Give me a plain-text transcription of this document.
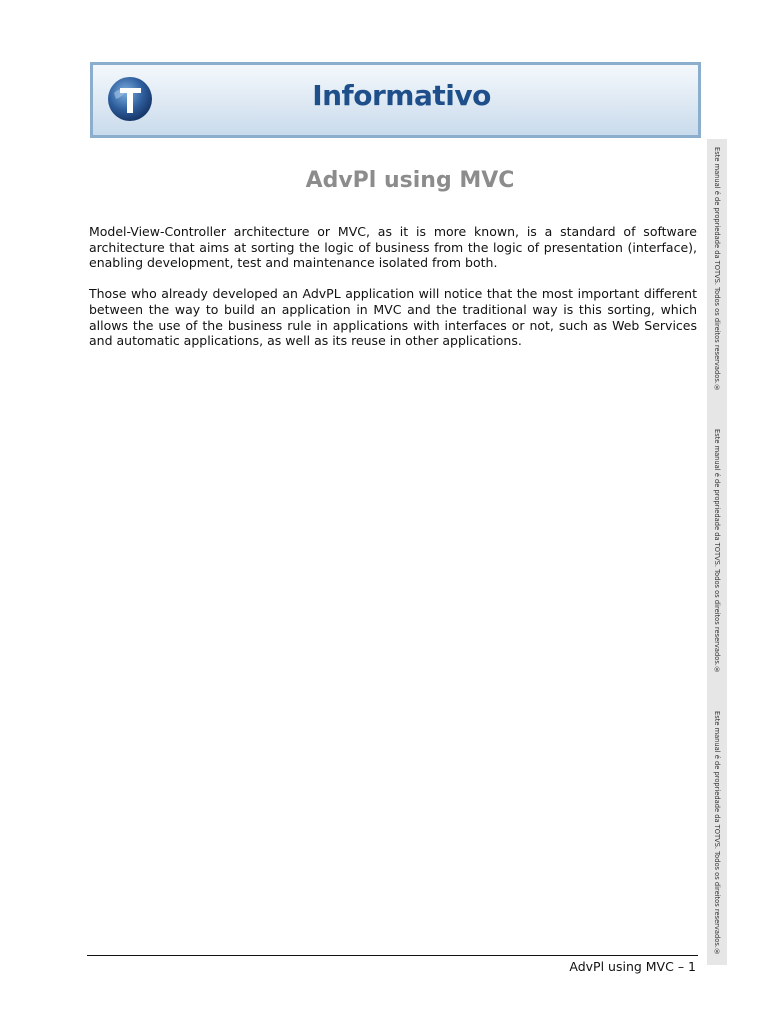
Informativo
AdvPl using MVC

Model-View-Controller architecture or MVC, as it is more known, is a standard of software architecture that aims at sorting the logic of business from the logic of presentation (interface), enabling development, test and maintenance isolated from both.

Those who already developed an AdvPL application will notice that the most important different between the way to build an application in MVC and the traditional way is this sorting, which allows the use of the business rule in applications with interfaces or not, such as Web Services and automatic applications, as well as its reuse in other applications.	Este manual é de propriedade da TOTVS. Todos os direitos reservados.®
Este manual é de propriedade da TOTVS. Todos os direitos reservados.®
Este manual é de propriedade da TOTVS. Todos os direitos reservados.®
AdvPl using MVC – 1
